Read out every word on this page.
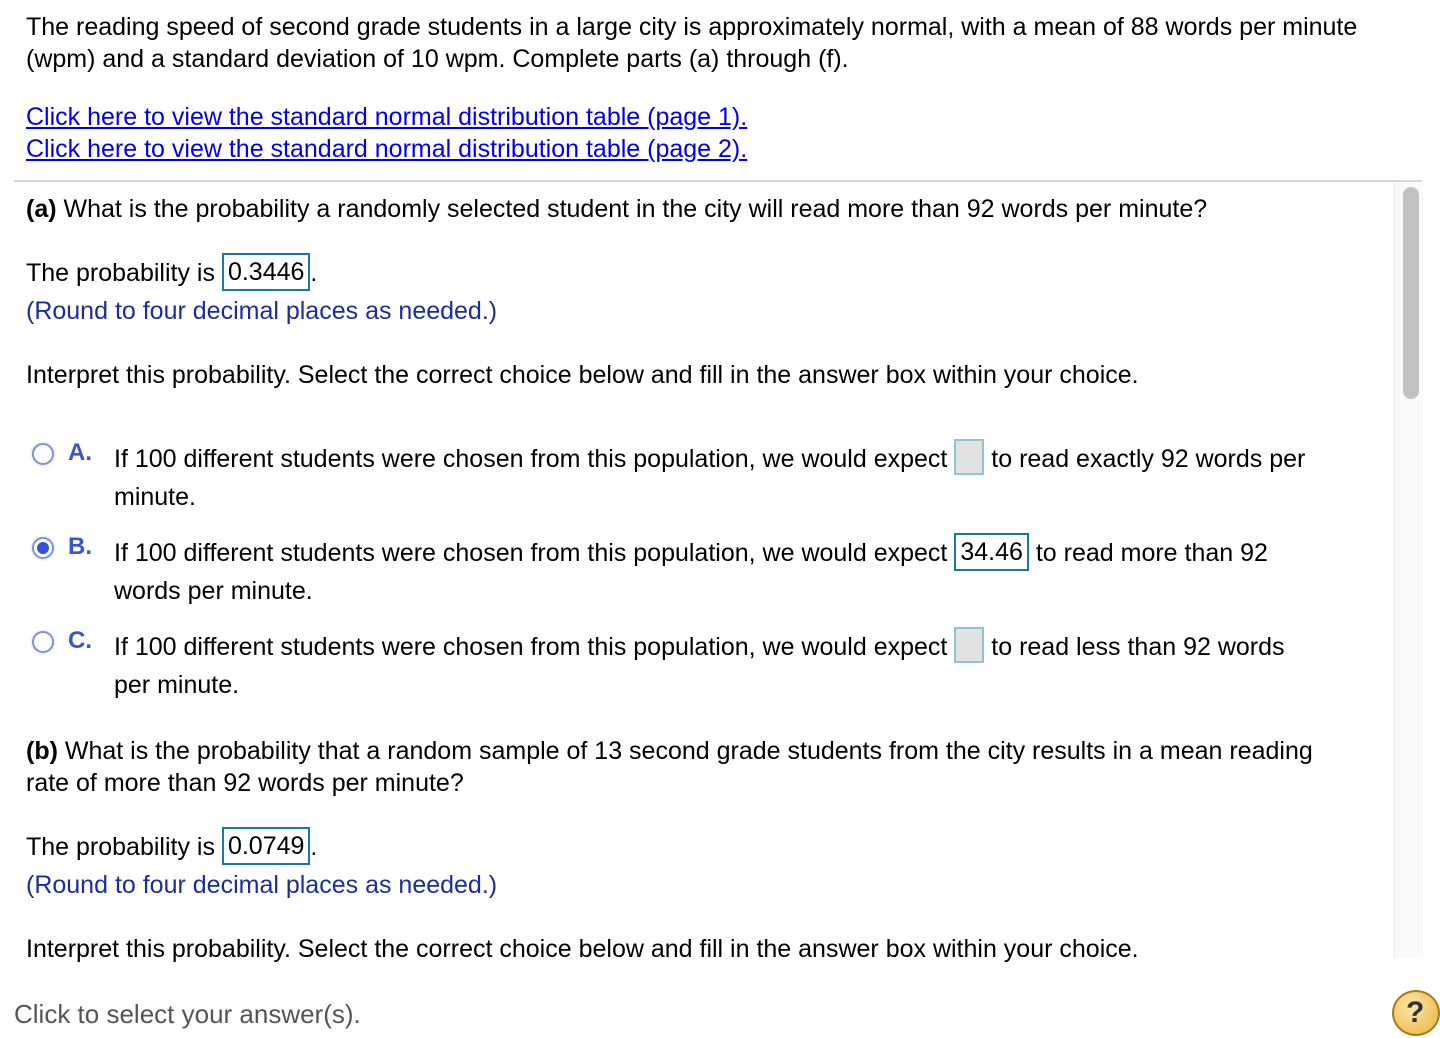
The reading speed of second grade students in a large city is approximately normal, with a mean of 88 words per minute
(wpm) and a standard deviation of 10 wpm. Complete parts (a) through (f).
Click here to view the standard normal distribution table (page 1).
Click here to view the standard normal distribution table (page 2).
(a) What is the probability a randomly selected student in the city will read more than 92 words per minute?
The probability is 0.3446 .
(Round to four decimal places as needed.)
Interpret this probability. Select the correct choice below and fill in the answer box within your choice.
A. If 100 different students were chosen from this population, we would expect to read exactly 92 words per
minute.
B. If 100 different students were chosen from this population, we would expect 34.46 to read more than 92
words per minute.
C. If 100 different students were chosen from this population, we would expect to read less than 92 words
per minute.
(b) What is the probability that a random sample of 13 second grade students from the city results in a mean reading
rate of more than 92 words per minute?
The probability is 0.0749 .
(Round to four decimal places as needed.)
Interpret this probability. Select the correct choice below and fill in the answer box within your choice.
Click to select your answer(s).	?
